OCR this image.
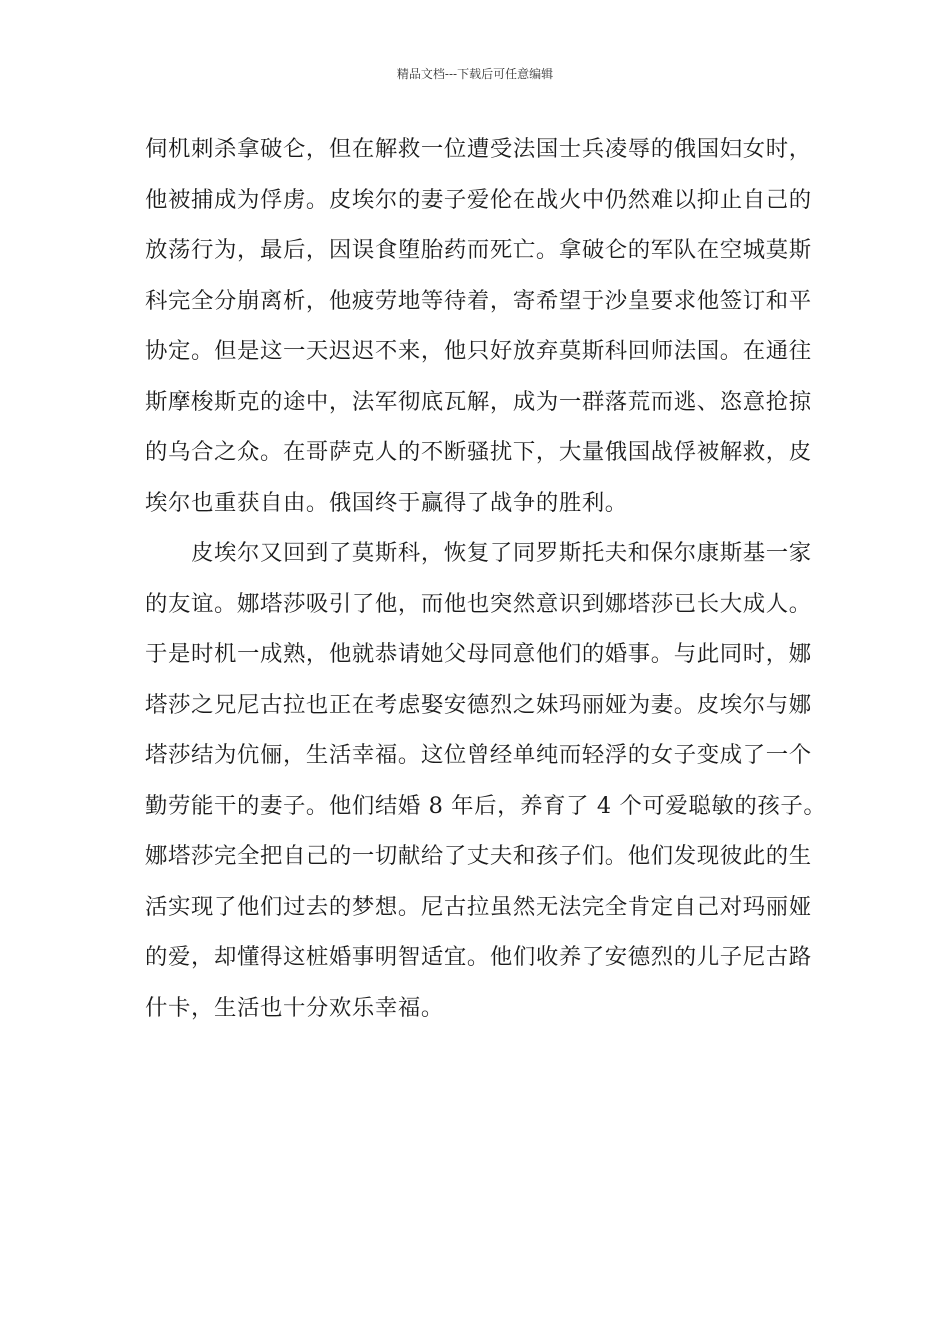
精品文档---下载后可任意编辑

伺机刺杀拿破仑，但在解救一位遭受法国士兵凌辱的俄国妇女时，
他被捕成为俘虏。皮埃尔的妻子爱伦在战火中仍然难以抑止自己的
放荡行为，最后，因误食堕胎药而死亡。拿破仑的军队在空城莫斯
科完全分崩离析，他疲劳地等待着，寄希望于沙皇要求他签订和平
协定。但是这一天迟迟不来，他只好放弃莫斯科回师法国。在通往
斯摩梭斯克的途中，法军彻底瓦解，成为一群落荒而逃、恣意抢掠
的乌合之众。在哥萨克人的不断骚扰下，大量俄国战俘被解救，皮
埃尔也重获自由。俄国终于赢得了战争的胜利。

　　皮埃尔又回到了莫斯科，恢复了同罗斯托夫和保尔康斯基一家
的友谊。娜塔莎吸引了他，而他也突然意识到娜塔莎已长大成人。
于是时机一成熟，他就恭请她父母同意他们的婚事。与此同时，娜
塔莎之兄尼古拉也正在考虑娶安德烈之妹玛丽娅为妻。皮埃尔与娜
塔莎结为伉俪，生活幸福。这位曾经单纯而轻浮的女子变成了一个
勤劳能干的妻子。他们结婚 8 年后，养育了 4 个可爱聪敏的孩子。
娜塔莎完全把自己的一切献给了丈夫和孩子们。他们发现彼此的生
活实现了他们过去的梦想。尼古拉虽然无法完全肯定自己对玛丽娅
的爱，却懂得这桩婚事明智适宜。他们收养了安德烈的儿子尼古路
什卡，生活也十分欢乐幸福。
